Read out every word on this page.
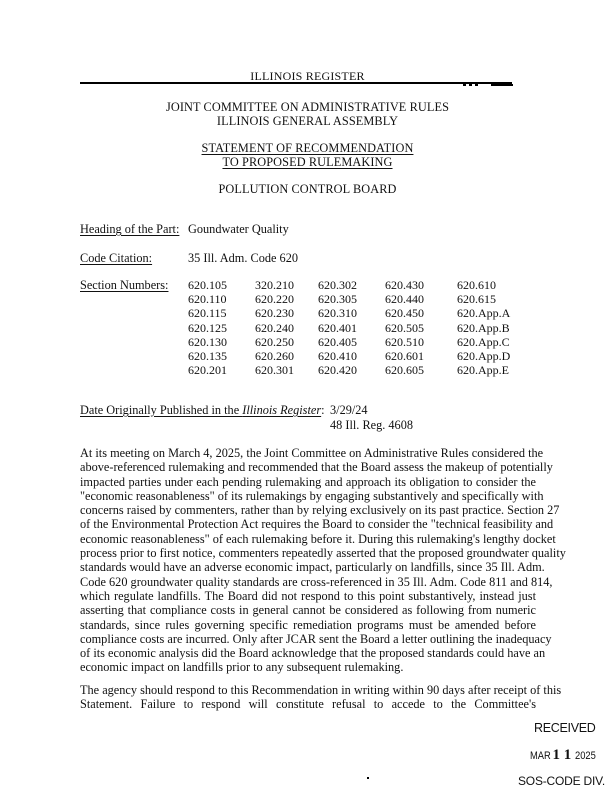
ILLINOIS REGISTER
JOINT COMMITTEE ON ADMINISTRATIVE RULES
ILLINOIS GENERAL ASSEMBLY
STATEMENT OF RECOMMENDATION
TO PROPOSED RULEMAKING
POLLUTION CONTROL BOARD
Heading of the Part: Goundwater Quality
Code Citation:	35 Ill. Adm. Code 620
Section Numbers: 620.105
620.110
620.115
620.125
620.130
620.135
620.201
320.210
620.220
620.230
620.240
620.250
620.260
620.301
620.302
620.305
620.310
620.401
620.405
620.410
620.420
620.430
620.440
620.450
620.505
620.510
620.601
620.605
620.610
620.615
620.App.A
620.App.B
620.App.C
620.App.D
620.App.E
Date Originally Published in the Illinois Register: 3/29/24
48 Ill. Reg. 4608
At its meeting on March 4, 2025, the Joint Committee on Administrative Rules considered the
above-referenced rulemaking and recommended that the Board assess the makeup of potentially
impacted parties under each pending rulemaking and approach its obligation to consider the
"economic reasonableness" of its rulemakings by engaging substantively and specifically with
concerns raised by commenters, rather than by relying exclusively on its past practice. Section 27
of the Environmental Protection Act requires the Board to consider the "technical feasibility and
economic reasonableness" of each rulemaking before it. During this rulemaking's lengthy docket
process prior to first notice, commenters repeatedly asserted that the proposed groundwater quality
standards would have an adverse economic impact, particularly on landfills, since 35 Ill. Adm.
Code 620 groundwater quality standards are cross-referenced in 35 Ill. Adm. Code 811 and 814,
which regulate landfills. The Board did not respond to this point substantively, instead just
asserting that compliance costs in general cannot be considered as following from numeric
standards, since rules governing specific remediation programs must be amended before
compliance costs are incurred. Only after JCAR sent the Board a letter outlining the inadequacy
of its economic analysis did the Board acknowledge that the proposed standards could have an
economic impact on landfills prior to any subsequent rulemaking.
The agency should respond to this Recommendation in writing within 90 days after receipt of this
Statement. Failure to respond will constitute refusal to accede to the Committee's
RECEIVED
MAR 1 1 2025
SOS-CODE DIV.
